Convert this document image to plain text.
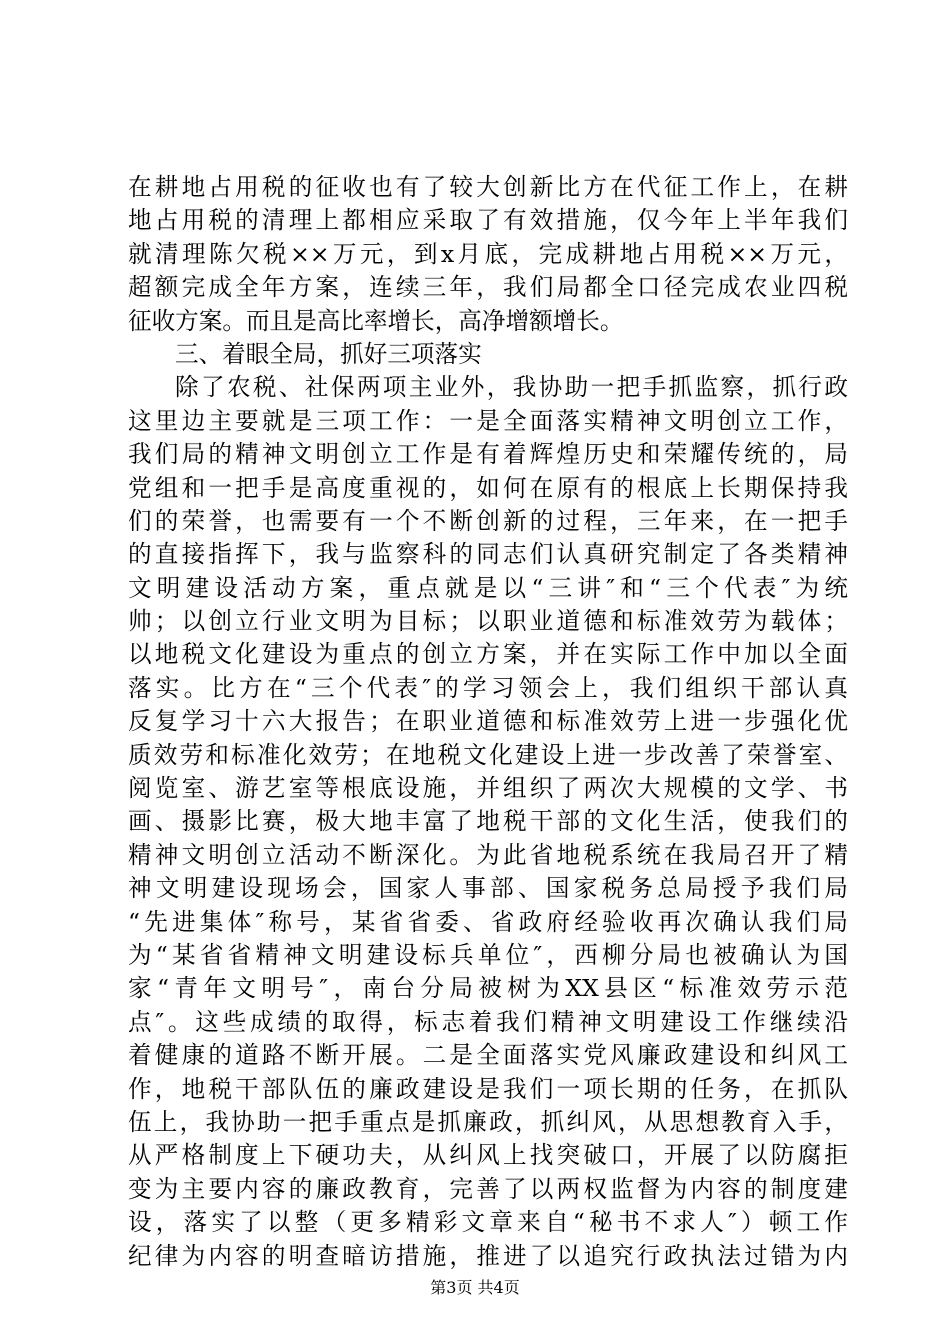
在耕地占用税的征收也有了较大创新比方在代征工作上，在耕
地占用税的清理上都相应采取了有效措施，仅今年上半年我们
就清理陈欠税××万元，到x月底，完成耕地占用税××万元，
超额完成全年方案，连续三年，我们局都全口径完成农业四税
征收方案。而且是高比率增长，高净增额增长。
三、着眼全局，抓好三项落实
除了农税、社保两项主业外，我协助一把手抓监察，抓行政
这里边主要就是三项工作：一是全面落实精神文明创立工作，
我们局的精神文明创立工作是有着辉煌历史和荣耀传统的，局
党组和一把手是高度重视的，如何在原有的根底上长期保持我
们的荣誉，也需要有一个不断创新的过程，三年来，在一把手
的直接指挥下，我与监察科的同志们认真研究制定了各类精神
文明建设活动方案，重点就是以“三讲″和“三个代表″为统
帅；以创立行业文明为目标；以职业道德和标准效劳为载体；
以地税文化建设为重点的创立方案，并在实际工作中加以全面
落实。比方在“三个代表″的学习领会上，我们组织干部认真
反复学习十六大报告；在职业道德和标准效劳上进一步强化优
质效劳和标准化效劳；在地税文化建设上进一步改善了荣誉室、
阅览室、游艺室等根底设施，并组织了两次大规模的文学、书
画、摄影比赛，极大地丰富了地税干部的文化生活，使我们的
精神文明创立活动不断深化。为此省地税系统在我局召开了精
神文明建设现场会，国家人事部、国家税务总局授予我们局
“先进集体″称号，某省省委、省政府经验收再次确认我们局
为“某省省精神文明建设标兵单位″，西柳分局也被确认为国
家“青年文明号″，南台分局被树为XX县区“标准效劳示范
点″。这些成绩的取得，标志着我们精神文明建设工作继续沿
着健康的道路不断开展。二是全面落实党风廉政建设和纠风工
作，地税干部队伍的廉政建设是我们一项长期的任务，在抓队
伍上，我协助一把手重点是抓廉政，抓纠风，从思想教育入手，
从严格制度上下硬功夫，从纠风上找突破口，开展了以防腐拒
变为主要内容的廉政教育，完善了以两权监督为内容的制度建
设，落实了以整（更多精彩文章来自“秘书不求人″）顿工作
纪律为内容的明查暗访措施，推进了以追究行政执法过错为内
第3页 共4页
